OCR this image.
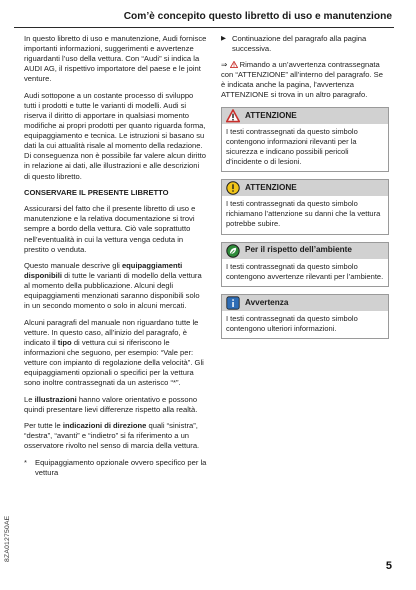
Com’è concepito questo libretto di uso e manutenzione

In questo libretto di uso e manutenzione, Audi fornisce importanti informazioni, suggerimenti e avvertenze riguardanti l’uso della vettura. Con “Audi” si indica la AUDI AG, il rispettivo importatore del paese e le joint venture.

Audi sottopone a un costante processo di sviluppo tutti i prodotti e tutte le varianti di modelli. Audi si riserva il diritto di apportare in qualsiasi momento modifiche ai propri prodotti per quanto riguarda forma, equipaggiamento e tecnica. Le istruzioni si basano su dati la cui attualità risale al momento della redazione. Di conseguenza non è possibile far valere alcun diritto in relazione ai dati, alle illustrazioni e alle descrizioni di questo libretto.

CONSERVARE IL PRESENTE LIBRETTO

Assicurarsi del fatto che il presente libretto di uso e manutenzione e la relativa documentazione si trovi sempre a bordo della vettura. Ciò vale soprattutto nell’eventualità in cui la vettura venga ceduta in prestito o venduta.

Questo manuale descrive gli equipaggiamenti disponibili di tutte le varianti di modello della vettura al momento della pubblicazione. Alcuni degli equipaggiamenti menzionati saranno disponibili solo in un secondo momento o solo in alcuni mercati.

Alcuni paragrafi del manuale non riguardano tutte le vetture. In questo caso, all’inizio del paragrafo, è indicato il tipo di vettura cui si riferiscono le informazioni che seguono, per esempio: “Vale per: vetture con impianto di regolazione della velocità”. Gli equipaggiamenti opzionali o specifici per la vettura sono inoltre contrassegnati da un asterisco “*”.

Le illustrazioni hanno valore orientativo e possono quindi presentare lievi differenze rispetto alla realtà.

Per tutte le indicazioni di direzione quali “sinistra”, “destra”, “avanti” e “indietro” si fa riferimento a un osservatore rivolto nel senso di marcia della vettura.

*	Equipaggiamento opzionale ovvero specifico per la vettura
▶ Continuazione del paragrafo alla pagina successiva.

⇒  Rimando a un’avvertenza contrassegnata con “ATTENZIONE” all’interno del paragrafo. Se è indicata anche la pagina, l’avvertenza ATTENZIONE si trova in un altro paragrafo.

ATTENZIONE
I testi contrassegnati da questo simbolo contengono informazioni rilevanti per la sicurezza e indicano possibili pericoli d’incidente o di lesioni.
ATTENZIONE
I testi contrassegnati da questo simbolo richiamano l’attenzione su danni che la vettura potrebbe subire.
Per il rispetto dell’ambiente
I testi contrassegnati da questo simbolo contengono avvertenze rilevanti per l’ambiente.
Avvertenza
I testi contrassegnati da questo simbolo contengono ulteriori informazioni.
8ZA012750AE
5
